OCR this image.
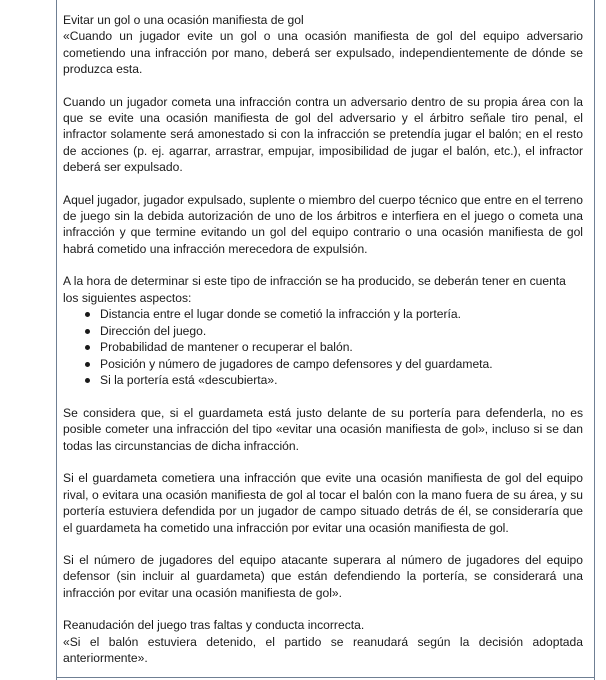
Evitar un gol o una ocasión manifiesta de gol

«Cuando un jugador evite un gol o una ocasión manifiesta de gol del equipo adversario cometiendo una infracción por mano, deberá ser expulsado, independientemente de dónde se produzca esta.

Cuando un jugador cometa una infracción contra un adversario dentro de su propia área con la que se evite una ocasión manifiesta de gol del adversario y el árbitro señale tiro penal, el infractor solamente será amonestado si con la infracción se pretendía jugar el balón; en el resto de acciones (p. ej. agarrar, arrastrar, empujar, imposibilidad de jugar el balón, etc.), el infractor deberá ser expulsado.

Aquel jugador, jugador expulsado, suplente o miembro del cuerpo técnico que entre en el terreno de juego sin la debida autorización de uno de los árbitros e interfiera en el juego o cometa una infracción y que termine evitando un gol del equipo contrario o una ocasión manifiesta de gol habrá cometido una infracción merecedora de expulsión.

A la hora de determinar si este tipo de infracción se ha producido, se deberán tener en cuenta los siguientes aspectos:

Distancia entre el lugar donde se cometió la infracción y la portería.
Dirección del juego.
Probabilidad de mantener o recuperar el balón.
Posición y número de jugadores de campo defensores y del guardameta.
Si la portería está «descubierta».

Se considera que, si el guardameta está justo delante de su portería para defenderla, no es posible cometer una infracción del tipo «evitar una ocasión manifiesta de gol», incluso si se dan todas las circunstancias de dicha infracción.

Si el guardameta cometiera una infracción que evite una ocasión manifiesta de gol del equipo rival, o evitara una ocasión manifiesta de gol al tocar el balón con la mano fuera de su área, y su portería estuviera defendida por un jugador de campo situado detrás de él, se consideraría que el guardameta ha cometido una infracción por evitar una ocasión manifiesta de gol.

Si el número de jugadores del equipo atacante superara al número de jugadores del equipo defensor (sin incluir al guardameta) que están defendiendo la portería, se considerará una infracción por evitar una ocasión manifiesta de gol».

Reanudación del juego tras faltas y conducta incorrecta.

«Si el balón estuviera detenido, el partido se reanudará según la decisión adoptada anteriormente».
